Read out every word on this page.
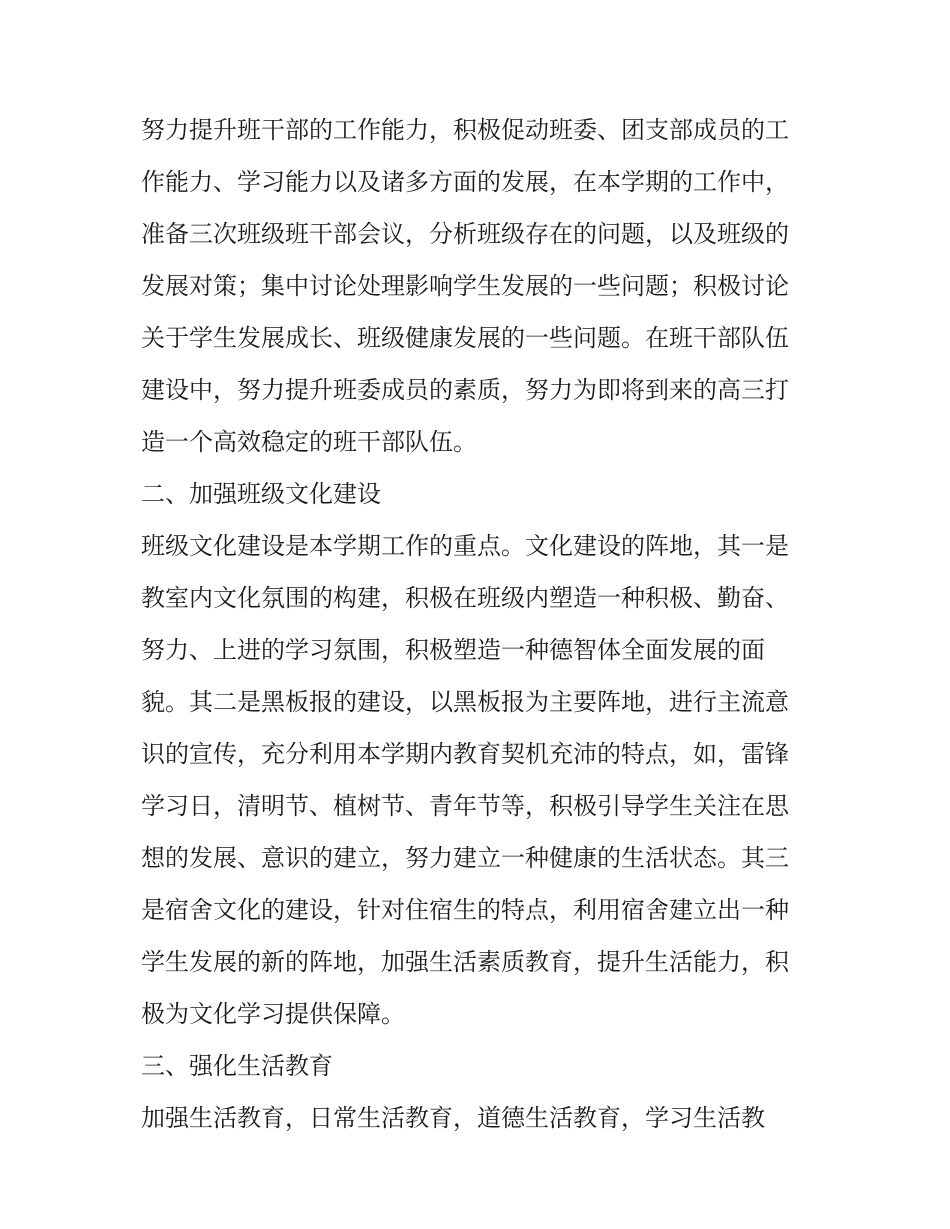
努力提升班干部的工作能力，积极促动班委、团支部成员的工
作能力、学习能力以及诸多方面的发展，在本学期的工作中，
准备三次班级班干部会议，分析班级存在的问题，以及班级的
发展对策；集中讨论处理影响学生发展的一些问题；积极讨论
关于学生发展成长、班级健康发展的一些问题。在班干部队伍
建设中，努力提升班委成员的素质，努力为即将到来的高三打
造一个高效稳定的班干部队伍。
二、加强班级文化建设
班级文化建设是本学期工作的重点。文化建设的阵地，其一是
教室内文化氛围的构建，积极在班级内塑造一种积极、勤奋、
努力、上进的学习氛围，积极塑造一种德智体全面发展的面
貌。其二是黑板报的建设，以黑板报为主要阵地，进行主流意
识的宣传，充分利用本学期内教育契机充沛的特点，如，雷锋
学习日，清明节、植树节、青年节等，积极引导学生关注在思
想的发展、意识的建立，努力建立一种健康的生活状态。其三
是宿舍文化的建设，针对住宿生的特点，利用宿舍建立出一种
学生发展的新的阵地，加强生活素质教育，提升生活能力，积
极为文化学习提供保障。
三、强化生活教育
加强生活教育，日常生活教育，道德生活教育，学习生活教
